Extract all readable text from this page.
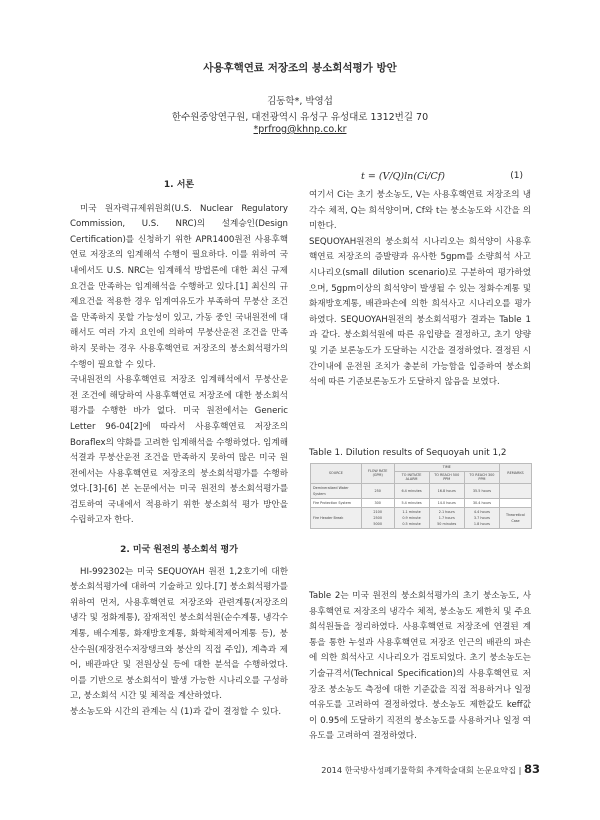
사용후핵연료 저장조의 붕소회석평가 방안
김동학*, 박영섭
한수원중앙연구원, 대전광역시 유성구 유성대로 1312번길 70
*prfrog@khnp.co.kr

1. 서론

미국 원자력규제위원회(U.S. Nuclear Regulatory Commission, U.S. NRC)의 설계승인(Design Certification)를 신청하기 위한 APR1400원전 사용후핵연료 저장조의 임계해석 수행이 필요하다. 이를 위하여 국내에서도 U.S. NRC는 임계해석 방법론에 대한 최신 규제요건을 만족하는 임계해석을 수행하고 있다.[1] 최신의 규제요건을 적용한 경우 임계여유도가 부족하여 무붕산 조건을 만족하지 못할 가능성이 있고, 가동 중인 국내원전에 대해서도 여러 가지 요인에 의하여 무붕산운전 조건을 만족하지 못하는 경우 사용후핵연료 저장조의 붕소회석평가의 수행이 필요할 수 있다.

국내원전의 사용후핵연료 저장조 임계해석에서 무붕산운전 조건에 해당하여 사용후핵연료 저장조에 대한 붕소회석 평가를 수행한 바가 없다. 미국 원전에서는 Generic Letter 96-04[2]에 따라서 사용후핵연료 저장조의 Boraflex의 약화를 고려한 임계해석을 수행하였다. 임계해석결과 무붕산운전 조건을 만족하지 못하여 많은 미국 원전에서는 사용후핵연료 저장조의 붕소회석평가를 수행하였다.[3]-[6] 본 논문에서는 미국 원전의 붕소회석평가를 검토하여 국내에서 적용하기 위한 붕소회석 평가 방안을 수립하고자 한다.

2. 미국 원전의 붕소회석 평가

HI-992302는 미국 SEQUOYAH 원전 1,2호기에 대한 붕소회석평가에 대하여 기술하고 있다.[7] 붕소회석평가를 위하여 먼저, 사용후핵연료 저장조와 관련계통(저장조의 냉각 및 정화계통), 잠재적인 붕소회석원(순수계통, 냉각수계통, 배수계통, 화재방호계통, 화학체적제어계통 등), 붕산수원(재장전수저장탱크와 붕산의 직접 주입), 계측과 제어, 배관파단 및 전원상실 등에 대한 분석을 수행하였다. 이를 기반으로 붕소회석이 발생 가능한 시나리오를 구성하고, 붕소회석 시간 및 체적을 계산하였다.

붕소농도와 시간의 관계는 식 (1)과 같이 결정할 수 있다.

t = (V/Q)ln(Ci/Cf)	(1)

여기서 Ci는 초기 붕소농도, V는 사용후핵연료 저장조의 냉각수 체적, Q는 희석양이며, Cf와 t는 붕소농도와 시간을 의미한다.

SEQUOYAH원전의 붕소회석 시나리오는 희석양이 사용후핵연료 저장조의 증발량과 유사한 5gpm를 소량희석 사고시나리오(small dilution scenario)로 구분하여 평가하였으며, 5gpm이상의 희석양이 발생될 수 있는 정화수계통 및 화재방호계통, 배관파손에 의한 희석사고 시나리오를 평가하였다. SEQUOYAH원전의 붕소회석평가 결과는 Table 1과 같다. 붕소회석원에 따른 유입량을 결정하고, 초기 양량 및 기준 보론농도가 도달하는 시간을 결정하였다. 결정된 시간이내에 운전원 조치가 충분히 가능함을 입증하여 붕소회석에 따른 기준보론농도가 도달하지 않음을 보였다.

Table 1. Dilution results of Sequoyah unit 1,2
SOURCE	FLOW RATE (GPM)	TIME			REMARKS
		TO INITIATE ALARM	TO REACH 500 PPM	TO REACH 300 PPM	
Demineralized Water System	250	6.4 minutes	16.8 hours	35.5 hours	
Fire Protection System	300	5.4 minutes	14.0 hours	30.4 hours	
Fire Header Break	2100
2500
5000	1.1 minute
0.9 minute
0.5 minute	2.1 hours
1.7 hours
50 minutes	4.4 hours
3.7 hours
1.8 hours	Theoretical Case

Table 2는 미국 원전의 붕소회석평가의 초기 붕소농도, 사용후핵연료 저장조의 냉각수 체적, 붕소농도 제한치 및 주요 희석원들을 정리하였다. 사용후핵연료 저장조에 연결된 계통을 통한 누설과 사용후핵연료 저장조 인근의 배관의 파손에 의한 희석사고 시나리오가 검토되었다. 초기 붕소농도는 기술규격서(Technical Specification)의 사용후핵연료 저장조 붕소농도 측정에 대한 기준값을 직접 적용하거나 일정 여유도를 고려하여 결정하였다. 붕소농도 제한값도 keff값이 0.95에 도달하기 직전의 붕소농도를 사용하거나 일정 여유도를 고려하여 결정하였다.

2014 한국방사성폐기물학회 추계학술대회 논문요약집 | 83
